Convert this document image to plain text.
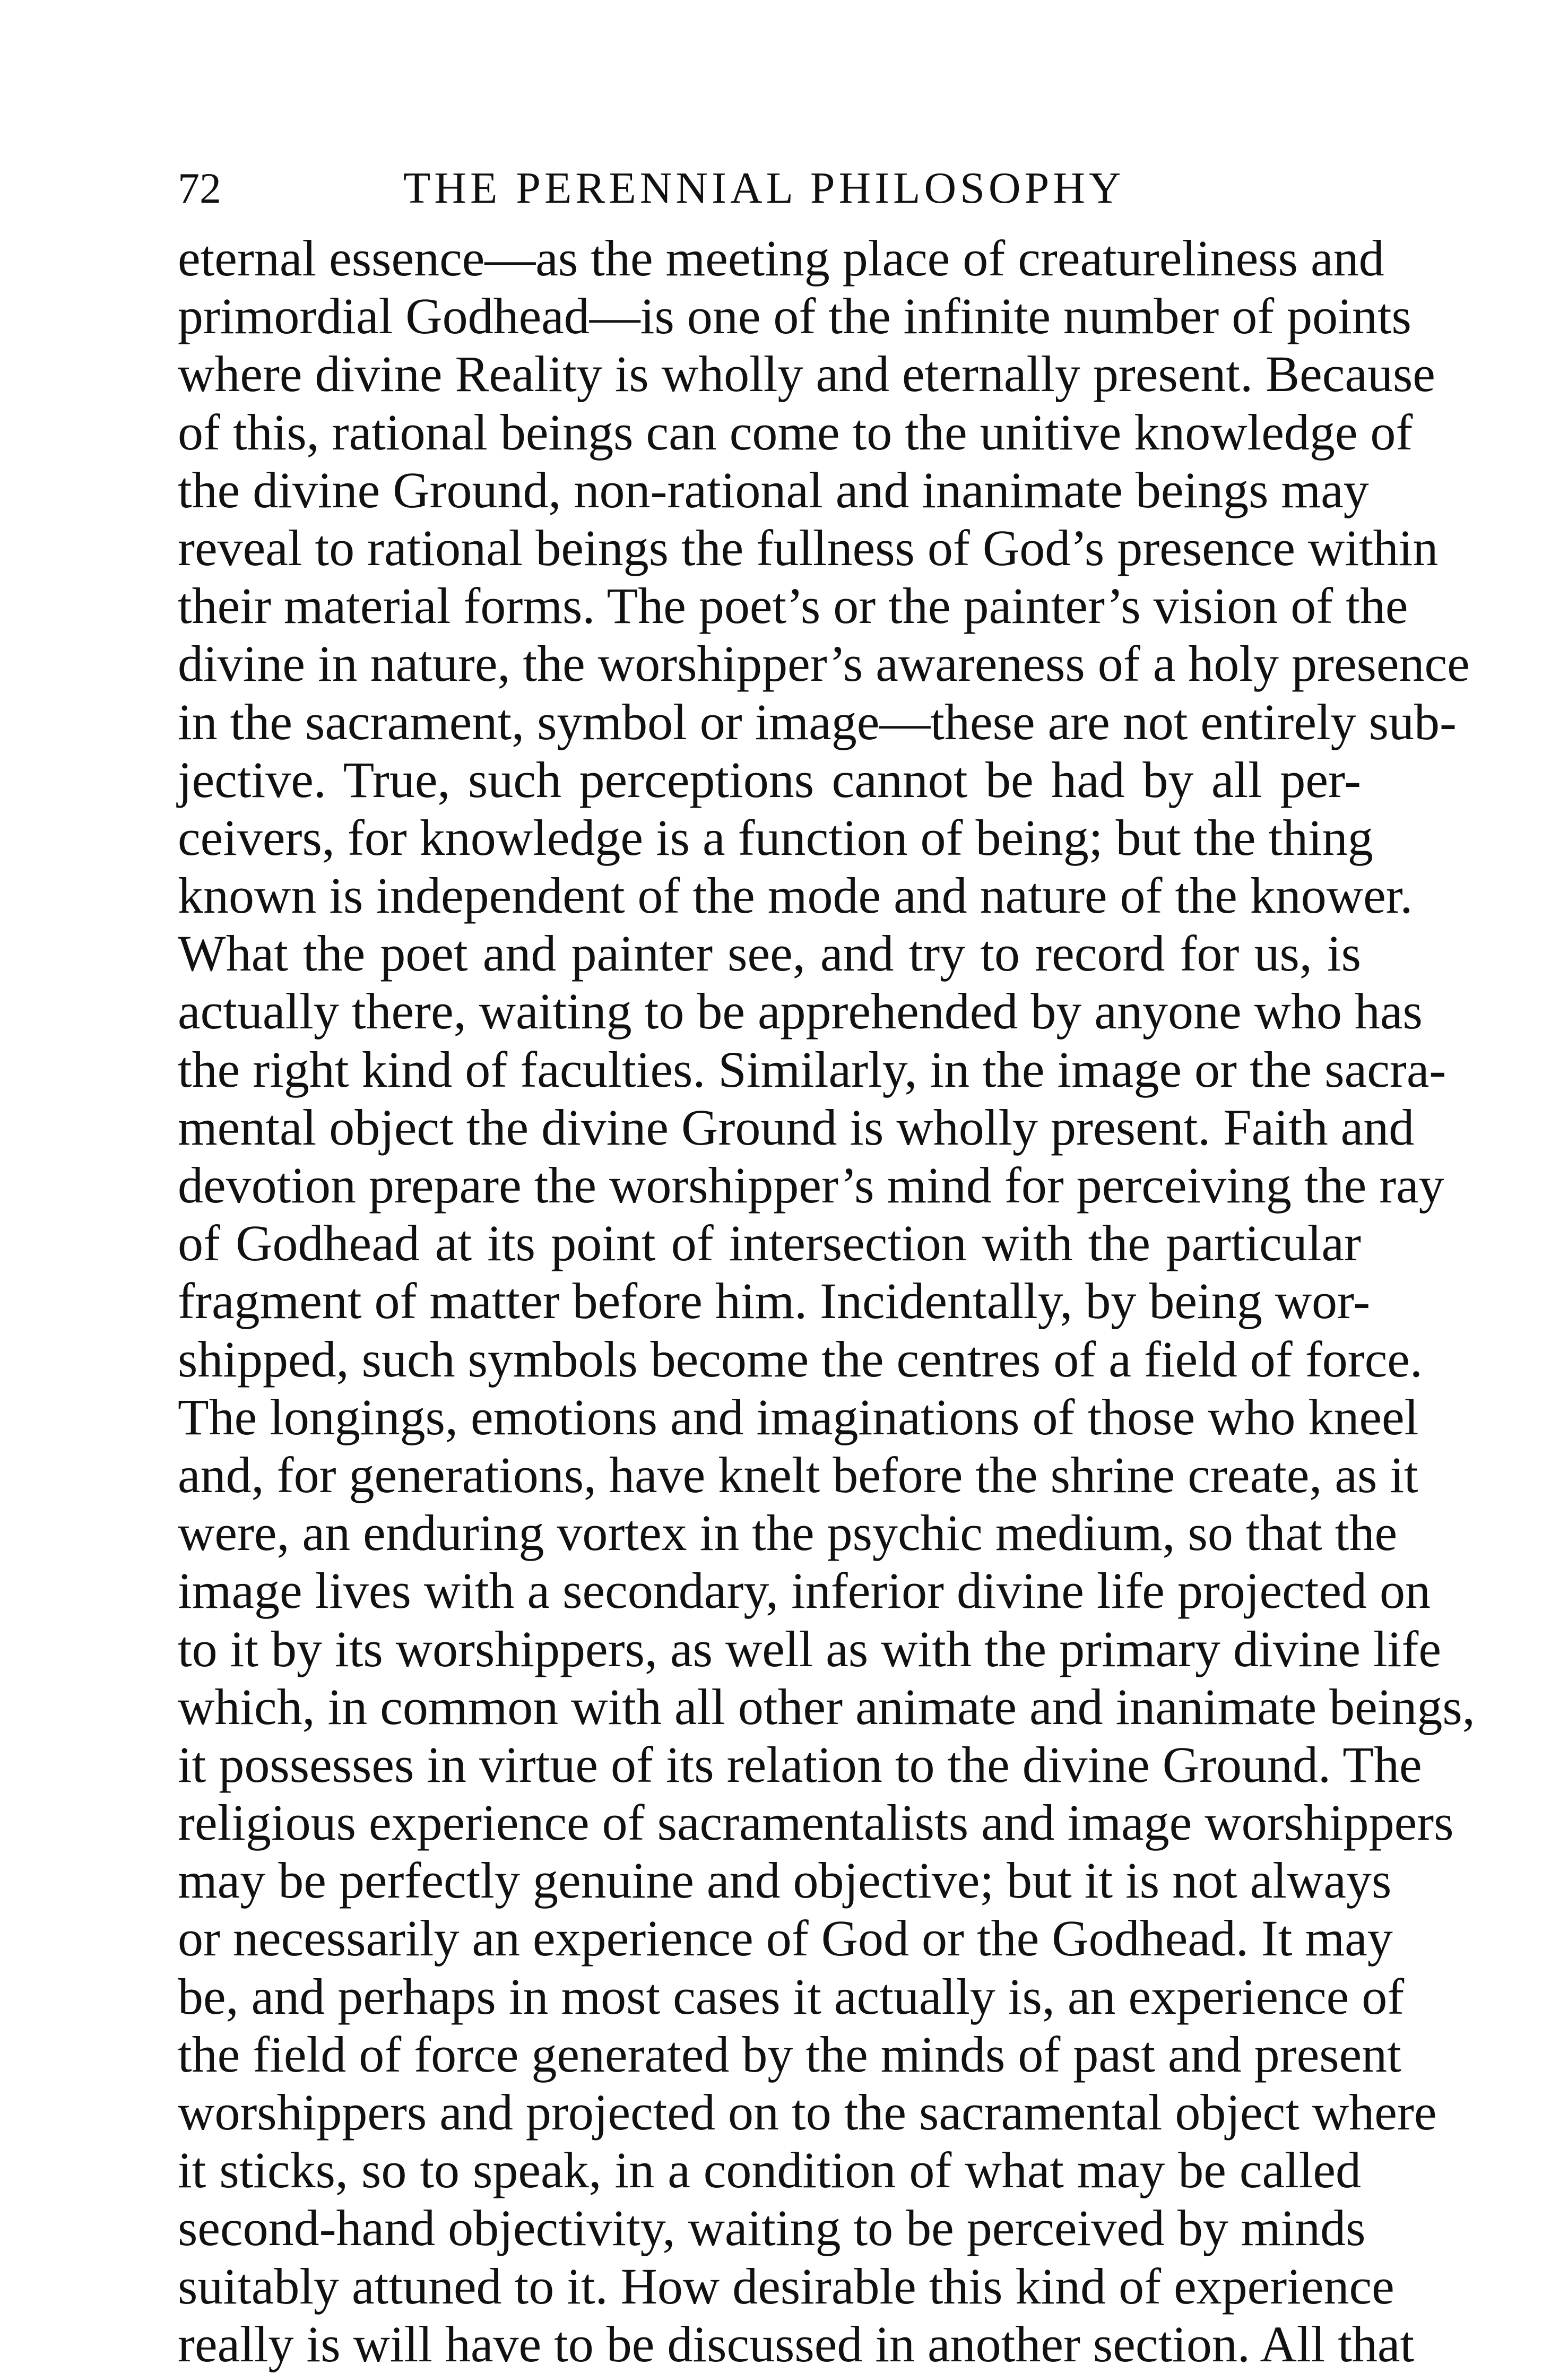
72	THE PERENNIAL PHILOSOPHY
eternal essence—as the meeting place of creatureliness and
primordial Godhead—is one of the infinite number of points
where divine Reality is wholly and eternally present. Because
of this, rational beings can come to the unitive knowledge of
the divine Ground, non-rational and inanimate beings may
reveal to rational beings the fullness of God’s presence within
their material forms. The poet’s or the painter’s vision of the
divine in nature, the worshipper’s awareness of a holy presence
in the sacrament, symbol or image—these are not entirely sub-
jective. True, such perceptions cannot be had by all per-
ceivers, for knowledge is a function of being; but the thing
known is independent of the mode and nature of the knower.
What the poet and painter see, and try to record for us, is
actually there, waiting to be apprehended by anyone who has
the right kind of faculties. Similarly, in the image or the sacra-
mental object the divine Ground is wholly present. Faith and
devotion prepare the worshipper’s mind for perceiving the ray
of Godhead at its point of intersection with the particular
fragment of matter before him. Incidentally, by being wor-
shipped, such symbols become the centres of a field of force.
The longings, emotions and imaginations of those who kneel
and, for generations, have knelt before the shrine create, as it
were, an enduring vortex in the psychic medium, so that the
image lives with a secondary, inferior divine life projected on
to it by its worshippers, as well as with the primary divine life
which, in common with all other animate and inanimate beings,
it possesses in virtue of its relation to the divine Ground. The
religious experience of sacramentalists and image worshippers
may be perfectly genuine and objective; but it is not always
or necessarily an experience of God or the Godhead. It may
be, and perhaps in most cases it actually is, an experience of
the field of force generated by the minds of past and present
worshippers and projected on to the sacramental object where
it sticks, so to speak, in a condition of what may be called
second-hand objectivity, waiting to be perceived by minds
suitably attuned to it. How desirable this kind of experience
really is will have to be discussed in another section. All that
